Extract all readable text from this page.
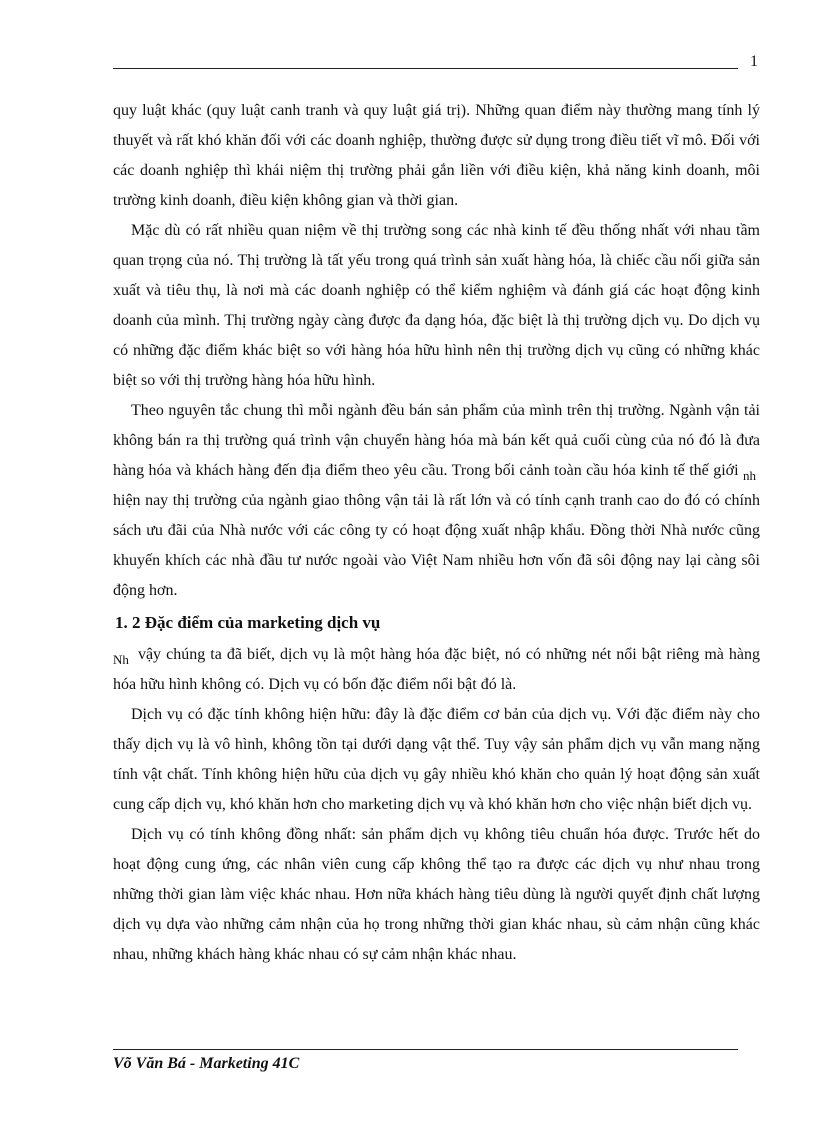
1

quy luật khác (quy luật canh tranh và quy luật giá trị). Những quan điểm này thường mang tính lý thuyết và rất khó khăn đối với các doanh nghiệp, thường được sử dụng trong điều tiết vĩ mô. Đối với các doanh nghiệp thì khái niệm thị trường phải gắn liền với điều kiện, khả năng kinh doanh, môi trường kinh doanh, điều kiện không gian và thời gian.

Mặc dù có rất nhiều quan niệm về thị trường song các nhà kinh tế đều thống nhất với nhau tầm quan trọng của nó. Thị trường là tất yếu trong quá trình sản xuất hàng hóa, là chiếc cầu nối giữa sản xuất và tiêu thụ, là nơi mà các doanh nghiệp có thể kiểm nghiệm và đánh giá các hoạt động kinh doanh của mình. Thị trường ngày càng được đa dạng hóa, đặc biệt là thị trường dịch vụ. Do dịch vụ có những đặc điểm khác biệt so với hàng hóa hữu hình nên thị trường dịch vụ cũng có những khác biệt so với thị trường hàng hóa hữu hình.

Theo nguyên tắc chung thì mỗi ngành đều bán sản phẩm của mình trên thị trường. Ngành vận tải không bán ra thị trường quá trình vận chuyển hàng hóa mà bán kết quả cuối cùng của nó đó là đưa hàng hóa và khách hàng đến địa điểm theo yêu cầu. Trong bối cảnh toàn cầu hóa kinh tế thế giới $_{nh}$ hiện nay thị trường của ngành giao thông vận tải là rất lớn và có tính cạnh tranh cao do đó có chính sách ưu đãi của Nhà nước với các công ty có hoạt động xuất nhập khẩu. Đồng thời Nhà nước cũng khuyến khích các nhà đầu tư nước ngoài vào Việt Nam nhiều hơn vốn đã sôi động nay lại càng sôi động hơn.

1. 2 Đặc điểm của marketing dịch vụ

$_{Nh}$ vậy chúng ta đã biết, dịch vụ là một hàng hóa đặc biệt, nó có những nét nổi bật riêng mà hàng hóa hữu hình không có. Dịch vụ có bốn đặc điểm nổi bật đó là.

Dịch vụ có đặc tính không hiện hữu: đây là đặc điểm cơ bản của dịch vụ. Với đặc điểm này cho thấy dịch vụ là vô hình, không tồn tại dưới dạng vật thể. Tuy vậy sản phẩm dịch vụ vẫn mang nặng tính vật chất. Tính không hiện hữu của dịch vụ gây nhiều khó khăn cho quản lý hoạt động sản xuất cung cấp dịch vụ, khó khăn hơn cho marketing dịch vụ và khó khăn hơn cho việc nhận biết dịch vụ.

Dịch vụ có tính không đồng nhất: sản phẩm dịch vụ không tiêu chuẩn hóa được. Trước hết do hoạt động cung ứng, các nhân viên cung cấp không thể tạo ra được các dịch vụ như nhau trong những thời gian làm việc khác nhau. Hơn nữa khách hàng tiêu dùng là người quyết định chất lượng dịch vụ dựa vào những cảm nhận của họ trong những thời gian khác nhau, sù cảm nhận cũng khác nhau, những khách hàng khác nhau có sự cảm nhận khác nhau.

Võ Văn Bá - Marketing 41C
